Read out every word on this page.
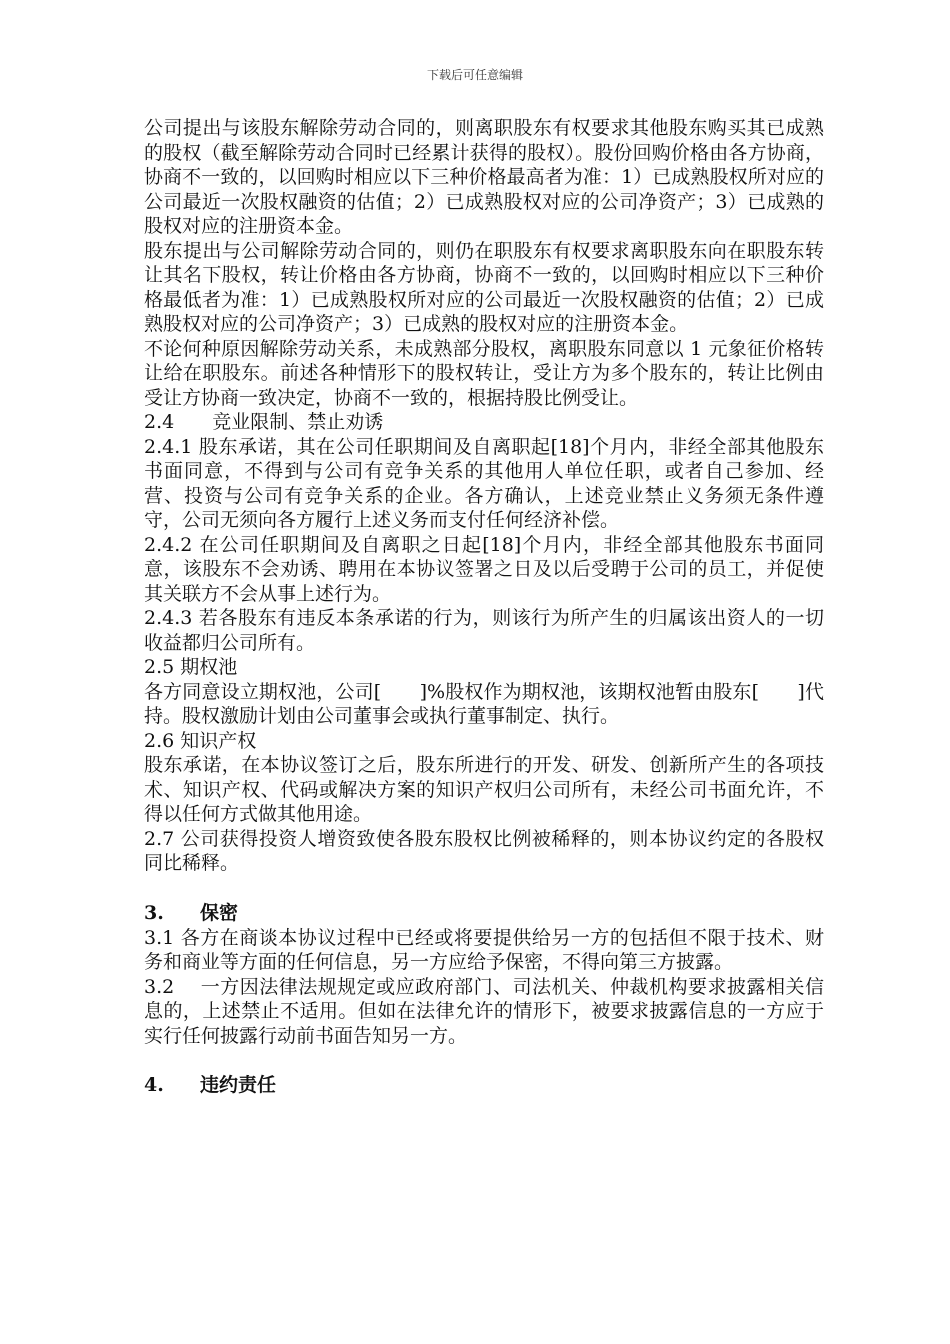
下载后可任意编辑

公司提出与该股东解除劳动合同的，则离职股东有权要求其他股东购买其已成熟的股权（截至解除劳动合同时已经累计获得的股权）。股份回购价格由各方协商，协商不一致的，以回购时相应以下三种价格最高者为准：1）已成熟股权所对应的公司最近一次股权融资的估值；2）已成熟股权对应的公司净资产；3）已成熟的股权对应的注册资本金。

股东提出与公司解除劳动合同的，则仍在职股东有权要求离职股东向在职股东转让其名下股权，转让价格由各方协商，协商不一致的，以回购时相应以下三种价格最低者为准：1）已成熟股权所对应的公司最近一次股权融资的估值；2）已成熟股权对应的公司净资产；3）已成熟的股权对应的注册资本金。

不论何种原因解除劳动关系，未成熟部分股权，离职股东同意以 1 元象征价格转让给在职股东。前述各种情形下的股权转让，受让方为多个股东的，转让比例由受让方协商一致决定，协商不一致的，根据持股比例受让。

2.4　　竞业限制、禁止劝诱

2.4.1 股东承诺，其在公司任职期间及自离职起[18]个月内，非经全部其他股东书面同意，不得到与公司有竞争关系的其他用人单位任职，或者自己参加、经营、投资与公司有竞争关系的企业。各方确认，上述竞业禁止义务须无条件遵守，公司无须向各方履行上述义务而支付任何经济补偿。

2.4.2 在公司任职期间及自离职之日起[18]个月内，非经全部其他股东书面同意，该股东不会劝诱、聘用在本协议签署之日及以后受聘于公司的员工，并促使其关联方不会从事上述行为。

2.4.3 若各股东有违反本条承诺的行为，则该行为所产生的归属该出资人的一切收益都归公司所有。

2.5 期权池

各方同意设立期权池，公司[　　]%股权作为期权池，该期权池暂由股东[　　]代持。股权激励计划由公司董事会或执行董事制定、执行。

2.6 知识产权

股东承诺，在本协议签订之后，股东所进行的开发、研发、创新所产生的各项技术、知识产权、代码或解决方案的知识产权归公司所有，未经公司书面允许，不得以任何方式做其他用途。

2.7 公司获得投资人增资致使各股东股权比例被稀释的，则本协议约定的各股权同比稀释。

3. 保密

3.1 各方在商谈本协议过程中已经或将要提供给另一方的包括但不限于技术、财务和商业等方面的任何信息，另一方应给予保密，不得向第三方披露。

3.2　 一方因法律法规规定或应政府部门、司法机关、仲裁机构要求披露相关信息的，上述禁止不适用。但如在法律允许的情形下，被要求披露信息的一方应于实行任何披露行动前书面告知另一方。

4. 违约责任
